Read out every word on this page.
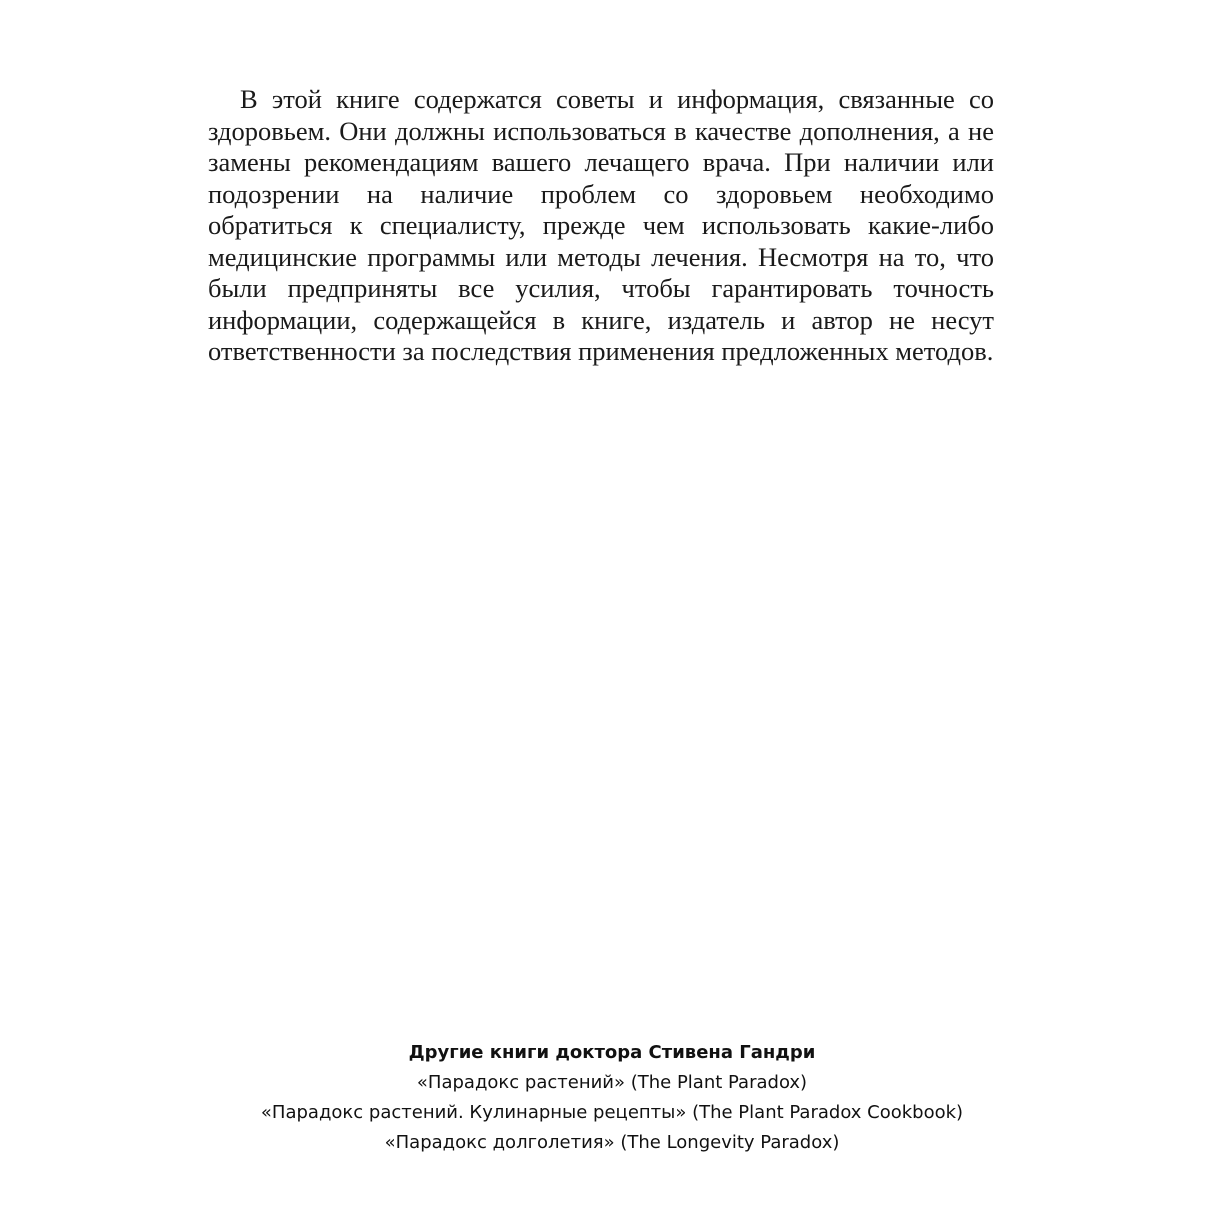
В этой книге содержатся советы и информация, связанные со здоровьем. Они должны использоваться в качестве дополнения, а не замены рекомендациям вашего лечащего врача. При наличии или подозрении на наличие проблем со здоровьем необходимо обратиться к специалисту, прежде чем использовать какие-либо медицинские программы или методы лечения. Несмотря на то, что были предприняты все усилия, чтобы гарантировать точность информации, содержащейся в книге, издатель и автор не несут ответственности за последствия применения предложенных методов.

Другие книги доктора Стивена Гандри

«Парадокс растений» (The Plant Paradox)

«Парадокс растений. Кулинарные рецепты» (The Plant Paradox Cookbook)

«Парадокс долголетия» (The Longevity Paradox)
